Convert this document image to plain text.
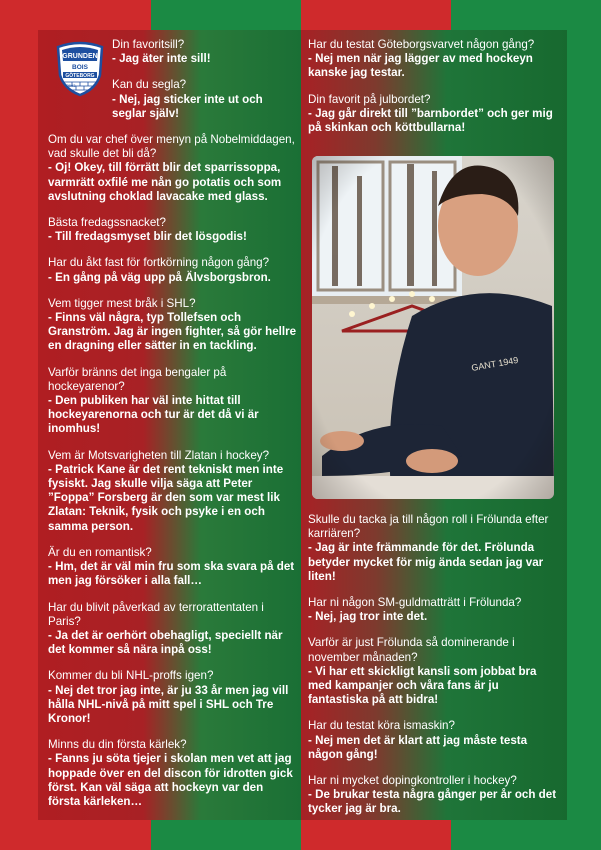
GRUNDEN
BOIS
GÖTEBORG
2003
Din favoritsill?
- Jag äter inte sill!
Kan du segla?
- Nej, jag sticker inte ut och seglar själv!
Om du var chef över menyn på Nobelmiddagen, vad skulle det bli då?
- Oj! Okey, till förrätt blir det sparrissoppa, varmrätt oxfilé me nån go potatis och som avslutning choklad lavacake med glass.
Bästa fredagssnacket?
- Till fredagsmyset blir det lösgodis!
Har du åkt fast för fortkörning någon gång?
- En gång på väg upp på Älvsborgsbron.
Vem tigger mest bråk i SHL?
- Finns väl några, typ Tollefsen och Granström. Jag är ingen fighter, så gör hellre en dragning eller sätter in en tackling.
Varför bränns det inga bengaler på hockeyarenor?
- Den publiken har väl inte hittat till hockeyarenorna och tur är det då vi är inomhus!
Vem är Motsvarigheten till Zlatan i hockey?
- Patrick Kane är det rent tekniskt men inte fysiskt. Jag skulle vilja säga att Peter ”Foppa” Forsberg är den som var mest lik Zlatan: Teknik, fysik och psyke i en och samma person.
Är du en romantisk?
- Hm, det är väl min fru som ska svara på det men jag försöker i alla fall…
Har du blivit påverkad av terrorattentaten i Paris?
- Ja det är oerhört obehagligt, speciellt när det kommer så nära inpå oss!
Kommer du bli NHL-proffs igen?
- Nej det tror jag inte, är ju 33 år men jag vill hålla NHL-nivå på mitt spel i SHL och Tre Kronor!
Minns du din första kärlek?
- Fanns ju söta tjejer i skolan men vet att jag hoppade över en del discon för idrotten gick först. Kan väl säga att hockeyn var den första kärleken…
Har du testat Göteborgsvarvet någon gång?
- Nej men när jag lägger av med hockeyn kanske jag testar.
Din favorit på julbordet?
- Jag går direkt till ”barnbordet” och ger mig på skinkan och köttbullarna!
Skulle du tacka ja till någon roll i Frölunda efter karriären?
- Jag är inte främmande för det. Frölunda betyder mycket för mig ända sedan jag var liten!
Har ni någon SM-guldmatträtt i Frölunda?
- Nej, jag tror inte det.
Varför är just Frölunda så dominerande i november månaden?
- Vi har ett skickligt kansli som jobbat bra med kampanjer och våra fans är ju fantastiska på att bidra!
Har du testat köra ismaskin?
- Nej men det är klart att jag måste testa någon gång!
Har ni mycket dopingkontroller i hockey?
- De brukar testa några gånger per år och det tycker jag är bra.
